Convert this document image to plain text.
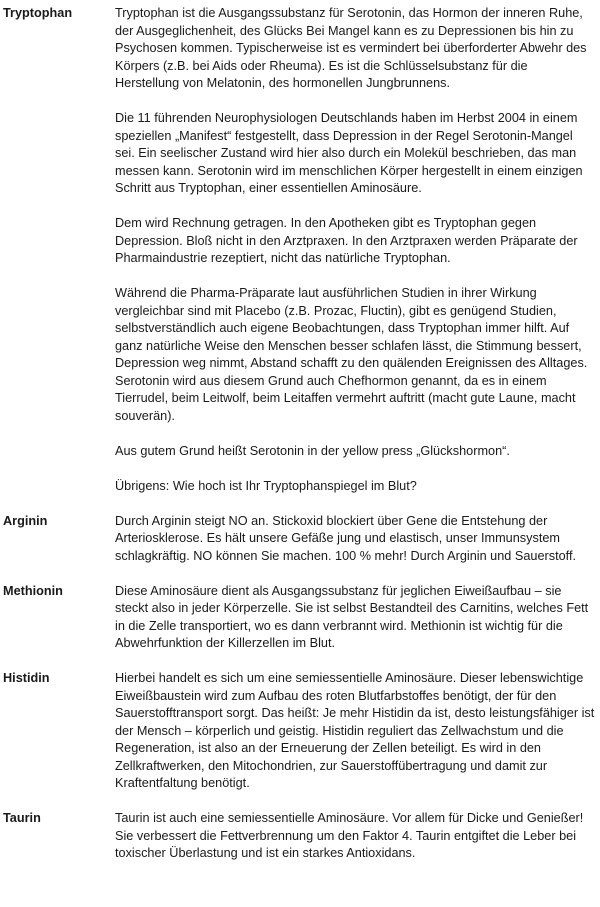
Tryptophan	Tryptophan ist die Ausgangssubstanz für Serotonin, das Hormon der inneren Ruhe, der Ausgeglichenheit, des Glücks Bei Mangel kann es zu Depressionen bis hin zu Psychosen kommen. Typischerweise ist es vermindert bei überforderter Abwehr des Körpers (z.B. bei Aids oder Rheuma). Es ist die Schlüsselsubstanz für die Herstellung von Melatonin, des hormonellen Jungbrunnens.

Die 11 führenden Neurophysiologen Deutschlands haben im Herbst 2004 in einem speziellen „Manifest“ festgestellt, dass Depression in der Regel Serotonin-Mangel sei. Ein seelischer Zustand wird hier also durch ein Molekül beschrieben, das man messen kann. Serotonin wird im menschlichen Körper hergestellt in einem einzigen Schritt aus Tryptophan, einer essentiellen Aminosäure.

Dem wird Rechnung getragen. In den Apotheken gibt es Tryptophan gegen Depression. Bloß nicht in den Arztpraxen. In den Arztpraxen werden Präparate der Pharmaindustrie rezeptiert, nicht das natürliche Tryptophan.

Während die Pharma-Präparate laut ausführlichen Studien in ihrer Wirkung vergleichbar sind mit Placebo (z.B. Prozac, Fluctin), gibt es genügend Studien, selbstverständlich auch eigene Beobachtungen, dass Tryptophan immer hilft. Auf ganz natürliche Weise den Menschen besser schlafen lässt, die Stimmung bessert, Depression weg nimmt, Abstand schafft zu den quälenden Ereignissen des Alltages. Serotonin wird aus diesem Grund auch Chefhormon genannt, da es in einem Tierrudel, beim Leitwolf, beim Leitaffen vermehrt auftritt (macht gute Laune, macht souverän).

Aus gutem Grund heißt Serotonin in der yellow press „Glückshormon“.

Übrigens: Wie hoch ist Ihr Tryptophanspiegel im Blut?

Arginin	Durch Arginin steigt NO an. Stickoxid blockiert über Gene die Entstehung der Arteriosklerose. Es hält unsere Gefäße jung und elastisch, unser Immunsystem schlagkräftig. NO können Sie machen. 100 % mehr! Durch Arginin und Sauerstoff.

Methionin	Diese Aminosäure dient als Ausgangssubstanz für jeglichen Eiweißaufbau – sie steckt also in jeder Körperzelle. Sie ist selbst Bestandteil des Carnitins, welches Fett in die Zelle transportiert, wo es dann verbrannt wird. Methionin ist wichtig für die Abwehrfunktion der Killerzellen im Blut.

Histidin	Hierbei handelt es sich um eine semiessentielle Aminosäure. Dieser lebenswichtige Eiweißbaustein wird zum Aufbau des roten Blutfarbstoffes benötigt, der für den Sauerstofftransport sorgt. Das heißt: Je mehr Histidin da ist, desto leistungsfähiger ist der Mensch – körperlich und geistig. Histidin reguliert das Zellwachstum und die Regeneration, ist also an der Erneuerung der Zellen beteiligt. Es wird in den Zellkraftwerken, den Mitochondrien, zur Sauerstoffübertragung und damit zur Kraftentfaltung benötigt.

Taurin	Taurin ist auch eine semiessentielle Aminosäure. Vor allem für Dicke und Genießer! Sie verbessert die Fettverbrennung um den Faktor 4. Taurin entgiftet die Leber bei toxischer Überlastung und ist ein starkes Antioxidans.
